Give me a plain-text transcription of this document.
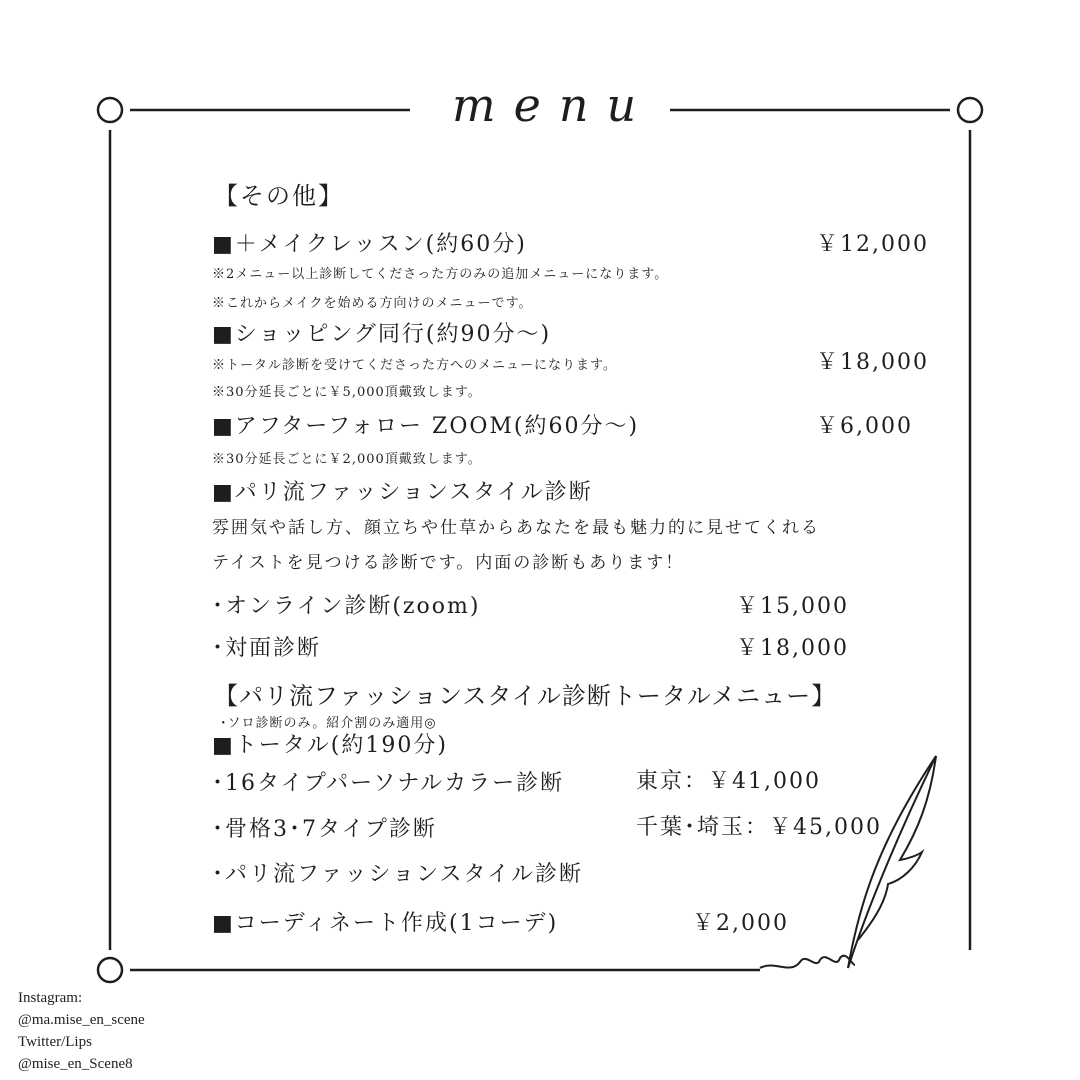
menu
【その他】
■＋メイクレッスン(約60分)	￥12,000
※2メニュー以上診断してくださった方のみの追加メニューになります。
※これからメイクを始める方向けのメニューです。
■ショッピング同行(約90分～)
￥18,000
※トータル診断を受けてくださった方へのメニューになります。
※30分延長ごとに￥5,000頂戴致します。
■アフターフォロー ZOOM(約60分～)	￥6,000
※30分延長ごとに￥2,000頂戴致します。
■パリ流ファッションスタイル診断
雰囲気や話し方、顔立ちや仕草からあなたを最も魅力的に見せてくれる
テイストを見つける診断です。内面の診断もあります！
･オンライン診断(zoom)	￥15,000
･対面診断	￥18,000
【パリ流ファッションスタイル診断トータルメニュー】
･ソロ診断のみ。紹介割のみ適用◎
■トータル(約190分)
･16タイプパーソナルカラー診断	東京：￥41,000
･骨格3･7タイプ診断	千葉･埼玉：￥45,000
･パリ流ファッションスタイル診断
■コーディネート作成(1コーデ)	￥2,000
Instagram:
@ma.mise_en_scene
Twitter/Lips
@mise_en_Scene8
